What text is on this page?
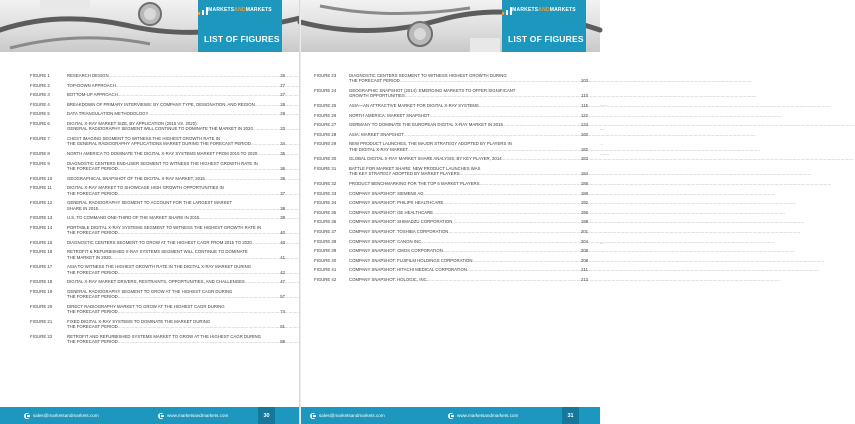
MARKETSANDMARKETS
LIST OF FIGURES
FIGURE 1	RESEARCH DESIGN .....	25
FIGURE 2	TOP-DOWN APPROACH .....	27
FIGURE 3	BOTTOM-UP APPROACH .....	27
FIGURE 4	BREAKDOWN OF PRIMARY INTERVIEWS: BY COMPANY TYPE, DESIGNATION, AND REGION .....	28
FIGURE 5	DATA TRIANGULATION METHODOLOGY .....	29
FIGURE 6	DIGITAL X-RAY MARKET SIZE, BY APPLICATION (2015 VS. 2020):
GENERAL RADIOGRAPHY SEGMENT WILL CONTINUE TO DOMINATE THE MARKET IN 2020 .....	33
FIGURE 7	CHEST IMAGING SEGMENT TO WITNESS THE HIGHEST GROWTH RATE IN
THE GENERAL RADIOGRAPHY APPLICATIONS MARKET DURING THE FORECAST PERIOD .....	34
FIGURE 8	NORTH AMERICA TO DOMINATE THE DIGITAL X-RAY SYSTEMS MARKET FROM 2015 TO 2020 .....	35
FIGURE 9	DIAGNOSTIC CENTERS END-USER SEGMENT TO WITNESS THE HIGHEST GROWTH RATE IN
THE FORECAST PERIOD .....	36
FIGURE 10	GEOGRAPHICAL SNAPSHOT OF THE DIGITAL X-RAY MARKET, 2015 .....	36
FIGURE 11	DIGITAL X-RAY MARKET TO SHOWCASE HIGH GROWTH OPPORTUNITIES IN
THE FORECAST PERIOD .....	37
FIGURE 12	GENERAL RADIOGRAPHY SEGMENT TO ACCOUNT FOR THE LARGEST MARKET
SHARE IN 2015 .....	38
FIGURE 13	U.S. TO COMMAND ONE-THIRD OF THE MARKET SHARE IN 2015 .....	39
FIGURE 14	PORTABLE DIGITAL X-RAY SYSTEMS SEGMENT TO WITNESS THE HIGHEST GROWTH RATE IN
THE FORECAST PERIOD .....	40
FIGURE 15	DIAGNOSTIC CENTERS SEGMENT TO GROW AT THE HIGHEST CAGR FROM 2015 TO 2020 .....	40
FIGURE 16	RETROFIT & REFURBISHED X-RAY SYSTEMS SEGMENT WILL CONTINUE TO DOMINATE
THE MARKET IN 2020 .....	41
FIGURE 17	ASIA TO WITNESS THE HIGHEST GROWTH RATE IN THE DIGITAL X-RAY MARKET DURING
THE FORECAST PERIOD .....	42
FIGURE 18	DIGITAL X-RAY MARKET DRIVERS, RESTRAINTS, OPPORTUNITIES, AND CHALLENGES .....	47
FIGURE 19	GENERAL RADIOGRAPHY SEGMENT TO GROW AT THE HIGHEST CAGR DURING
THE FORECAST PERIOD .....	57
FIGURE 20	DIRECT RADIOGRAPHY MARKET TO GROW AT THE HIGHEST CAGR DURING
THE FORECAST PERIOD .....	74
FIGURE 21	FIXED DIGITAL X-RAY SYSTEMS TO DOMINATE THE MARKET DURING
THE FORECAST PERIOD .....	81
FIGURE 22	RETROFIT AND REFURBISHED SYSTEMS MARKET TO GROW AT THE HIGHEST CAGR DURING
THE FORECAST PERIOD .....	88
sales@marketsandmarkets.com	www.marketsandmarkets.com	30
MARKETSANDMARKETS
LIST OF FIGURES
FIGURE 23	DIAGNOSTIC CENTERS SEGMENT TO WITNESS HIGHEST GROWTH DURING
THE FORECAST PERIOD .....	103
FIGURE 24	GEOGRAPHIC SNAPSHOT (2014): EMERGING MARKETS TO OFFER SIGNIFICANT
GROWTH OPPORTUNITIES .....	110
FIGURE 25	ASIA—AN ATTRACTIVE MARKET FOR DIGITAL X-RAY SYSTEMS .....	115
FIGURE 26	NORTH AMERICA: MARKET SNAPSHOT .....	122
FIGURE 27	GERMANY TO DOMINATE THE EUROPEAN DIGITAL X-RAY MARKET IN 2015 .....	134
FIGURE 28	ASIA: MARKET SNAPSHOT .....	160
FIGURE 29	NEW PRODUCT LAUNCHES, THE MAJOR STRATEGY ADOPTED BY PLAYERS IN
THE DIGITAL X-RAY MARKET .....	182
FIGURE 30	GLOBAL DIGITAL X-RAY MARKET SHARE ANALYSIS, BY KEY PLAYER, 2014 .....	183
FIGURE 31	BATTLE FOR MARKET SHARE: NEW PRODUCT LAUNCHES WAS
THE KEY STRATEGY ADOPTED BY MARKET PLAYERS .....	184
FIGURE 32	PRODUCT BENCHMARKING FOR THE TOP 5 MARKET PLAYERS .....	188
FIGURE 33	COMPANY SNAPSHOT: SIEMENS AG .....	189
FIGURE 34	COMPANY SNAPSHOT: PHILIPS HEALTHCARE .....	192
FIGURE 35	COMPANY SNAPSHOT: GE HEALTHCARE .....	195
FIGURE 36	COMPANY SNAPSHOT: SHIMADZU CORPORATION .....	198
FIGURE 37	COMPANY SNAPSHOT: TOSHIBA CORPORATION .....	201
FIGURE 38	COMPANY SNAPSHOT: CANON INC. .....	204
FIGURE 39	COMPANY SNAPSHOT: CMOS CORPORATION .....	208
FIGURE 40	COMPANY SNAPSHOT: FUJIFILM HOLDINGS CORPORATION .....	208
FIGURE 41	COMPANY SNAPSHOT: HITACHI MEDICAL CORPORATION .....	211
FIGURE 42	COMPANY SNAPSHOT: HOLOGIC, INC. .....	213
sales@marketsandmarkets.com	www.marketsandmarkets.com	31
